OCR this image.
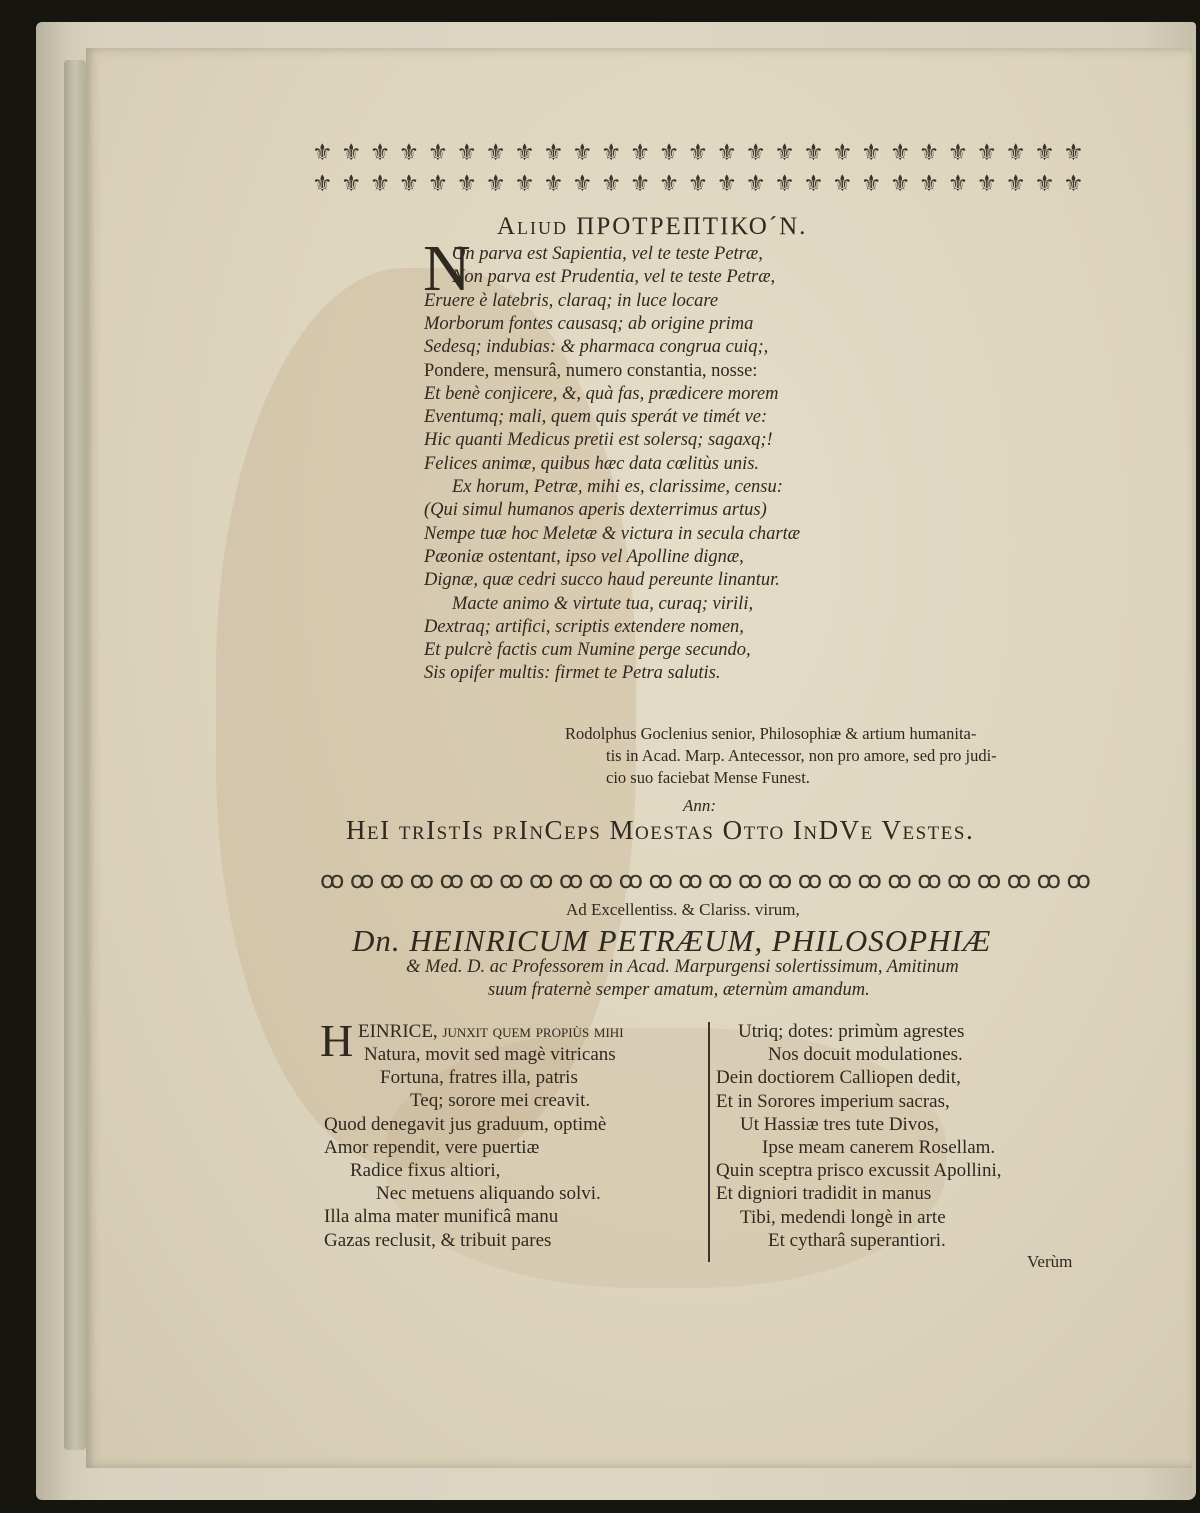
⚜ ⚜ ⚜ ⚜ ⚜ ⚜ ⚜ ⚜ ⚜ ⚜ ⚜ ⚜ ⚜ ⚜ ⚜ ⚜ ⚜ ⚜ ⚜ ⚜ ⚜ ⚜ ⚜ ⚜ ⚜ ⚜ ⚜
⚜ ⚜ ⚜ ⚜ ⚜ ⚜ ⚜ ⚜ ⚜ ⚜ ⚜ ⚜ ⚜ ⚜ ⚜ ⚜ ⚜ ⚜ ⚜ ⚜ ⚜ ⚜ ⚜ ⚜ ⚜ ⚜ ⚜
Aliud ΠΡΟΤΡΕΠΤΙΚΟ´Ν.
N
On parva est Sapientia, vel te teste Petræ,
Non parva est Prudentia, vel te teste Petræ,
Eruere è latebris, claraq; in luce locare
Morborum fontes causasq; ab origine prima
Sedesq; indubias: & pharmaca congrua cuiq;,
Pondere, mensurâ, numero constantia, nosse:
Et benè conjicere, &, quà fas, prædicere morem
Eventumq; mali, quem quis sperát ve timét ve:
Hic quanti Medicus pretii est solersq; sagaxq;!
Felices animæ, quibus hæc data cœlitùs unis.
Ex horum, Petræ, mihi es, clarissime, censu:
(Qui simul humanos aperis dexterrimus artus)
Nempe tuæ hoc Meletæ & victura in secula chartæ
Pæoniæ ostentant, ipso vel Apolline dignæ,
Dignæ, quæ cedri succo haud pereunte linantur.
Macte animo & virtute tua, curaq; virili,
Dextraq; artifici, scriptis extendere nomen,
Et pulcrè factis cum Numine perge secundo,
Sis opifer multis: firmet te Petra salutis.
Rodolphus Goclenius senior, Philosophiæ & artium humanita-
tis in Acad. Marp. Antecessor, non pro amore, sed pro judi-
cio suo faciebat Mense Funest.
Ann:
HeI trIstIs prInCeps Moestas Otto InDVe Vestes.
ꝏ ꝏ ꝏ ꝏ ꝏ ꝏ ꝏ ꝏ ꝏ ꝏ ꝏ ꝏ ꝏ ꝏ ꝏ ꝏ ꝏ ꝏ ꝏ ꝏ ꝏ ꝏ ꝏ ꝏ ꝏ ꝏ
Ad Excellentiss. & Clariss. virum,
Dn. HEINRICUM PETRÆUM, PHILOSOPHIÆ
& Med. D. ac Professorem in Acad. Marpurgensi solertissimum, Amitinum
suum fraternè semper amatum, æternùm amandum.
H EINRICE, junxit quem propiùs mihi
Natura, movit sed magè vitricans
Fortuna, fratres illa, patris
Teq; sorore mei creavit.
Quod denegavit jus graduum, optimè
Amor rependit, vere puertiæ
Radice fixus altiori,
Nec metuens aliquando solvi.
Illa alma mater munificâ manu
Gazas reclusit, & tribuit pares
Utriq; dotes: primùm agrestes
Nos docuit modulationes.
Dein doctiorem Calliopen dedit,
Et in Sorores imperium sacras,
Ut Hassiæ tres tute Divos,
Ipse meam canerem Rosellam.
Quin sceptra prisco excussit Apollini,
Et digniori tradidit in manus
Tibi, medendi longè in arte
Et cytharâ superantiori.
Verùm
